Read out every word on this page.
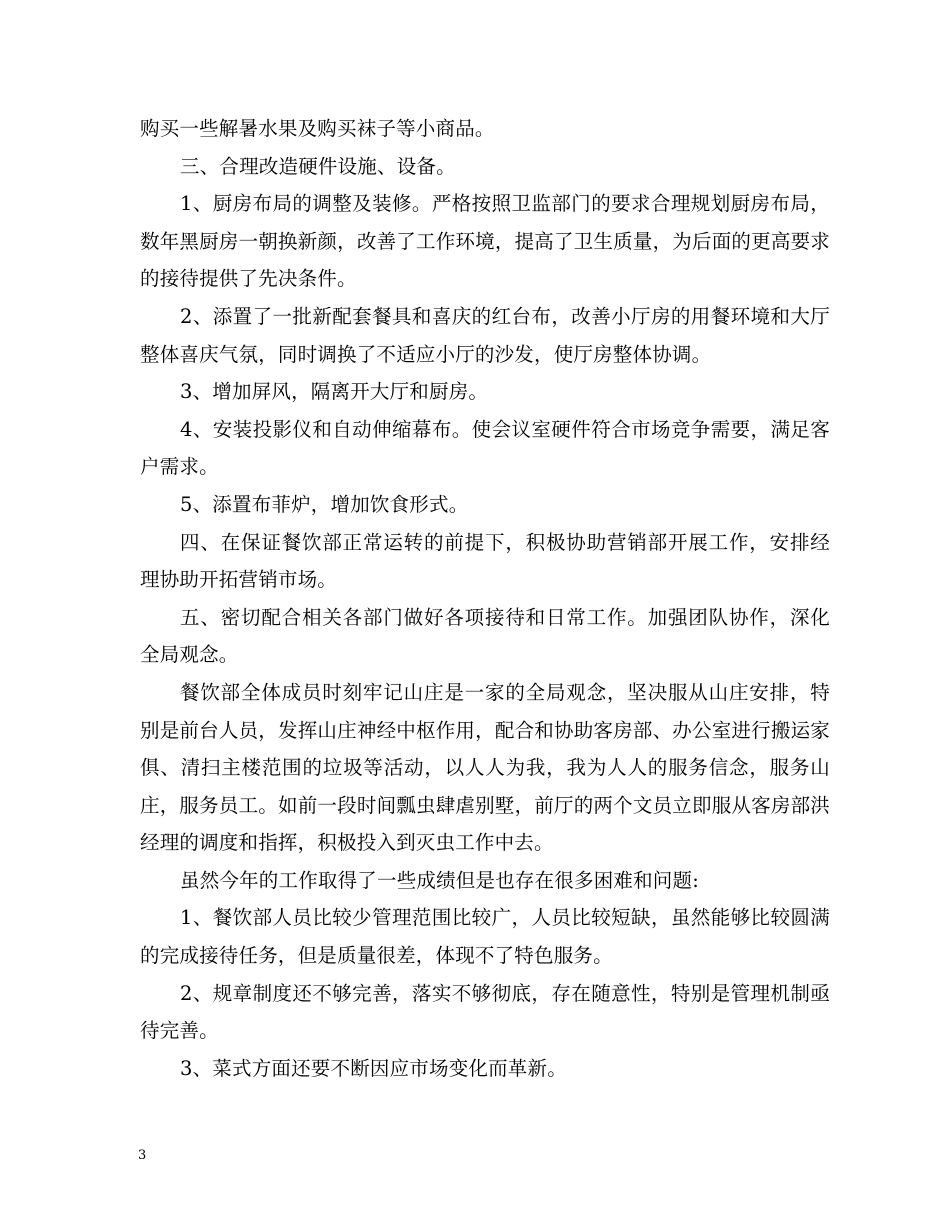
购买一些解暑水果及购买袜子等小商品。

三、合理改造硬件设施、设备。

1、厨房布局的调整及装修。严格按照卫监部门的要求合理规划厨房布局，数年黑厨房一朝换新颜，改善了工作环境，提高了卫生质量，为后面的更高要求的接待提供了先决条件。

2、添置了一批新配套餐具和喜庆的红台布，改善小厅房的用餐环境和大厅整体喜庆气氛，同时调换了不适应小厅的沙发，使厅房整体协调。

3、增加屏风，隔离开大厅和厨房。

4、安装投影仪和自动伸缩幕布。使会议室硬件符合市场竞争需要，满足客户需求。

5、添置布菲炉，增加饮食形式。

四、在保证餐饮部正常运转的前提下，积极协助营销部开展工作，安排经理协助开拓营销市场。

五、密切配合相关各部门做好各项接待和日常工作。加强团队协作，深化全局观念。

餐饮部全体成员时刻牢记山庄是一家的全局观念，坚决服从山庄安排，特别是前台人员，发挥山庄神经中枢作用，配合和协助客房部、办公室进行搬运家俱、清扫主楼范围的垃圾等活动，以人人为我，我为人人的服务信念，服务山庄，服务员工。如前一段时间瓢虫肆虐别墅，前厅的两个文员立即服从客房部洪经理的调度和指挥，积极投入到灭虫工作中去。

虽然今年的工作取得了一些成绩但是也存在很多困难和问题:

1、餐饮部人员比较少管理范围比较广，人员比较短缺，虽然能够比较圆满的完成接待任务，但是质量很差，体现不了特色服务。

2、规章制度还不够完善，落实不够彻底，存在随意性，特别是管理机制亟待完善。

3、菜式方面还要不断因应市场变化而革新。

3
